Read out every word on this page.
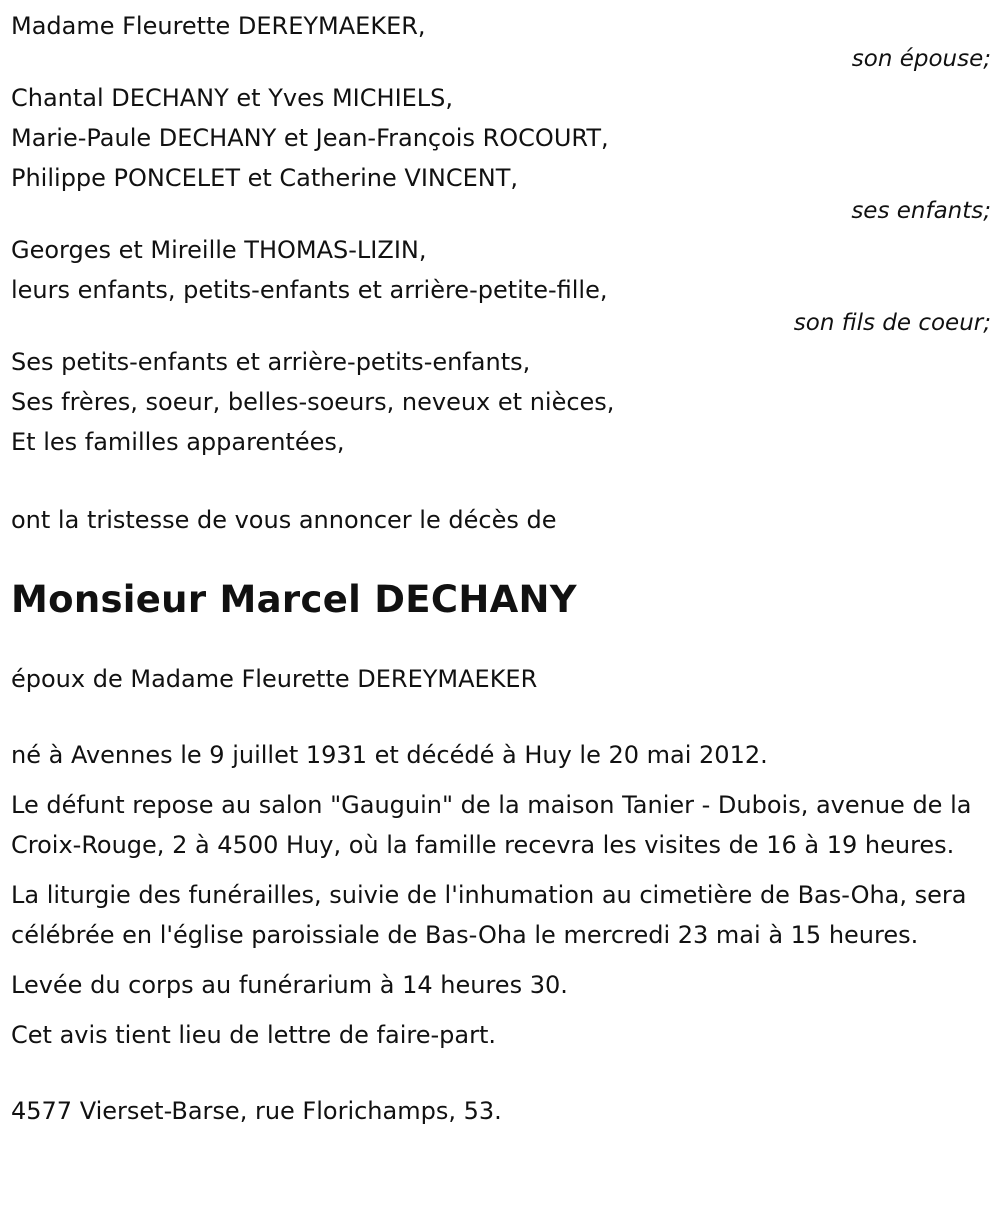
Madame Fleurette DEREYMAEKER,
son épouse;
Chantal DECHANY et Yves MICHIELS,
Marie-Paule DECHANY et Jean-François ROCOURT,
Philippe PONCELET et Catherine VINCENT,
ses enfants;
Georges et Mireille THOMAS-LIZIN,
leurs enfants, petits-enfants et arrière-petite-fille,
son fils de coeur;
Ses petits-enfants et arrière-petits-enfants,
Ses frères, soeur, belles-soeurs, neveux et nièces,
Et les familles apparentées,
ont la tristesse de vous annoncer le décès de
Monsieur Marcel DECHANY
époux de Madame Fleurette DEREYMAEKER
né à Avennes le 9 juillet 1931 et décédé à Huy le 20 mai 2012.
Le défunt repose au salon "Gauguin" de la maison Tanier - Dubois, avenue de la Croix-Rouge, 2 à 4500 Huy, où la famille recevra les visites de 16 à 19 heures.
La liturgie des funérailles, suivie de l'inhumation au cimetière de Bas-Oha, sera célébrée en l'église paroissiale de Bas-Oha le mercredi 23 mai à 15 heures.
Levée du corps au funérarium à 14 heures 30.
Cet avis tient lieu de lettre de faire-part.
4577 Vierset-Barse, rue Florichamps, 53.
